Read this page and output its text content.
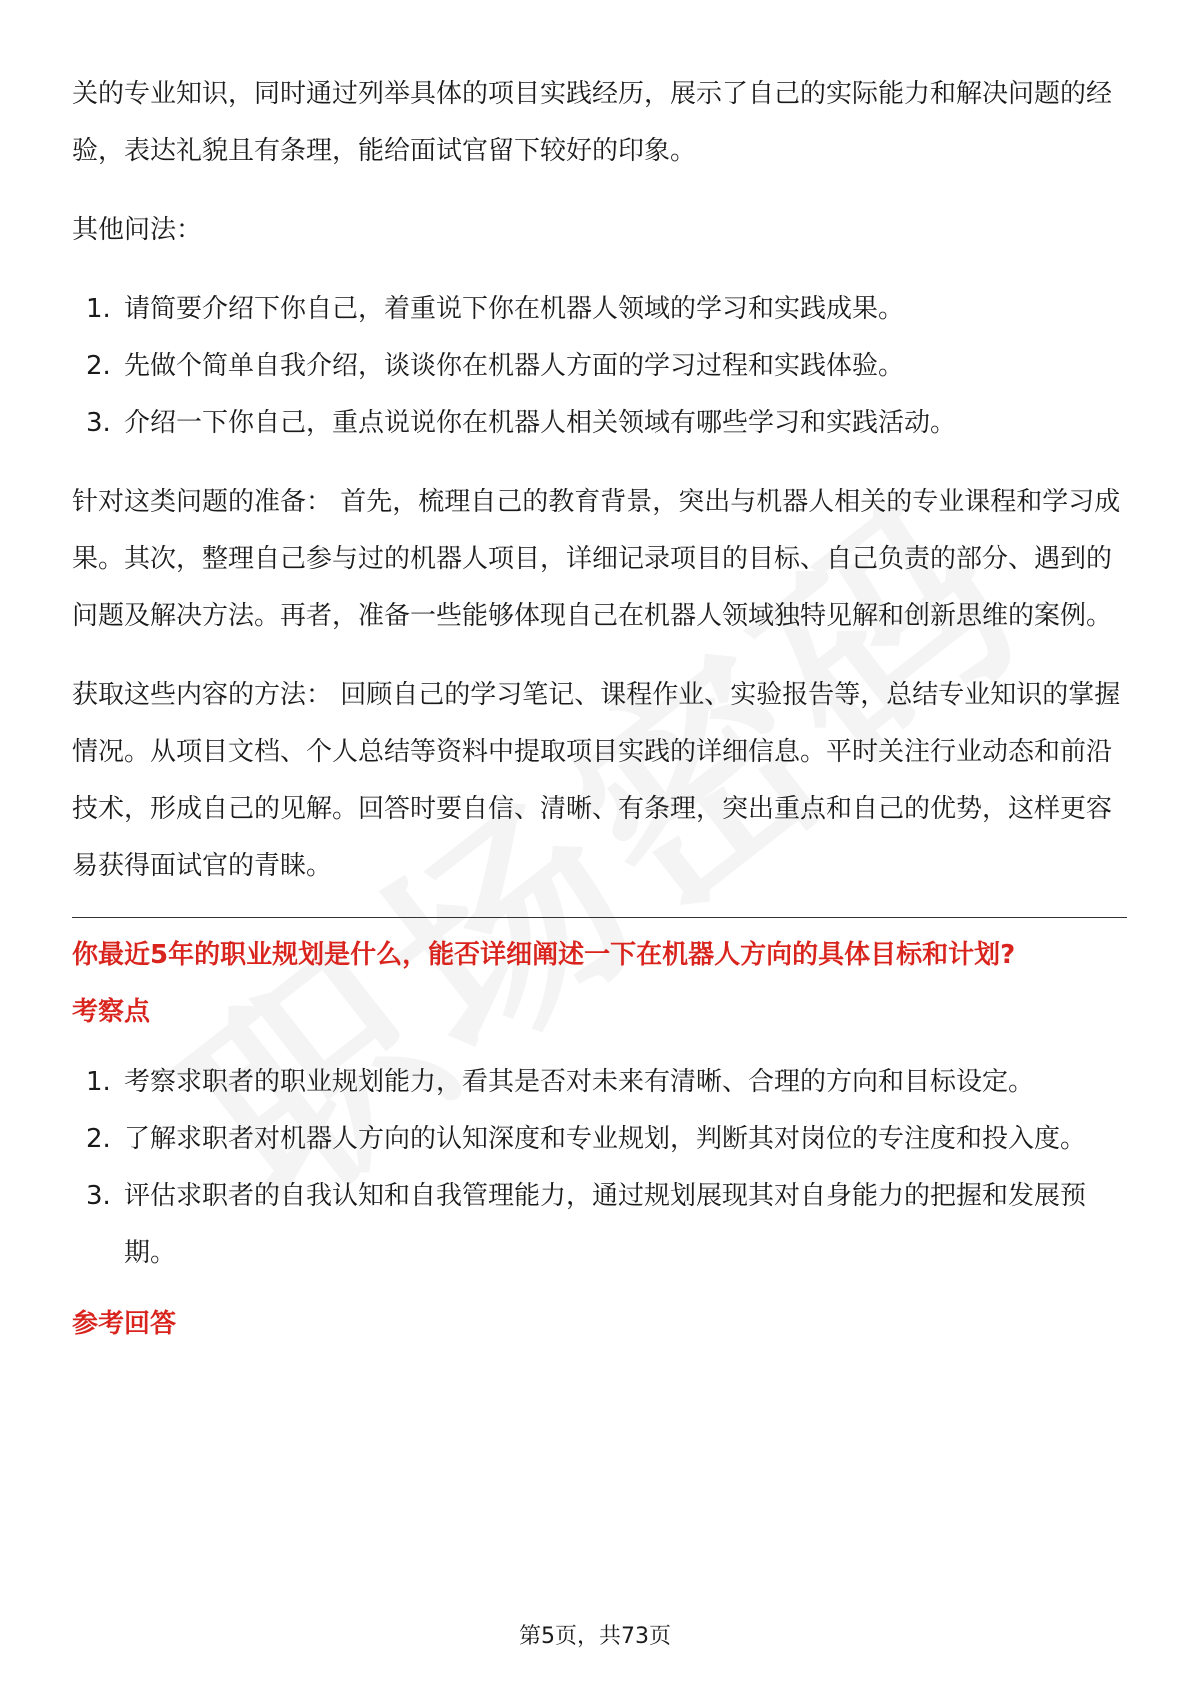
关的专业知识，同时通过列举具体的项目实践经历，展示了自己的实际能力和解决问题的经验，表达礼貌且有条理，能给面试官留下较好的印象。

其他问法：

1. 请简要介绍下你自己，着重说下你在机器人领域的学习和实践成果。
2. 先做个简单自我介绍，谈谈你在机器人方面的学习过程和实践体验。
3. 介绍一下你自己，重点说说你在机器人相关领域有哪些学习和实践活动。

针对这类问题的准备： 首先，梳理自己的教育背景，突出与机器人相关的专业课程和学习成果。其次，整理自己参与过的机器人项目，详细记录项目的目标、自己负责的部分、遇到的问题及解决方法。再者，准备一些能够体现自己在机器人领域独特见解和创新思维的案例。

获取这些内容的方法： 回顾自己的学习笔记、课程作业、实验报告等，总结专业知识的掌握情况。从项目文档、个人总结等资料中提取项目实践的详细信息。平时关注行业动态和前沿技术，形成自己的见解。回答时要自信、清晰、有条理，突出重点和自己的优势，这样更容易获得面试官的青睐。

你最近5年的职业规划是什么，能否详细阐述一下在机器人方向的具体目标和计划?

考察点

1. 考察求职者的职业规划能力，看其是否对未来有清晰、合理的方向和目标设定。
2. 了解求职者对机器人方向的认知深度和专业规划，判断其对岗位的专注度和投入度。
3. 评估求职者的自我认知和自我管理能力，通过规划展现其对自身能力的把握和发展预期。

参考回答

第5页，共73页
